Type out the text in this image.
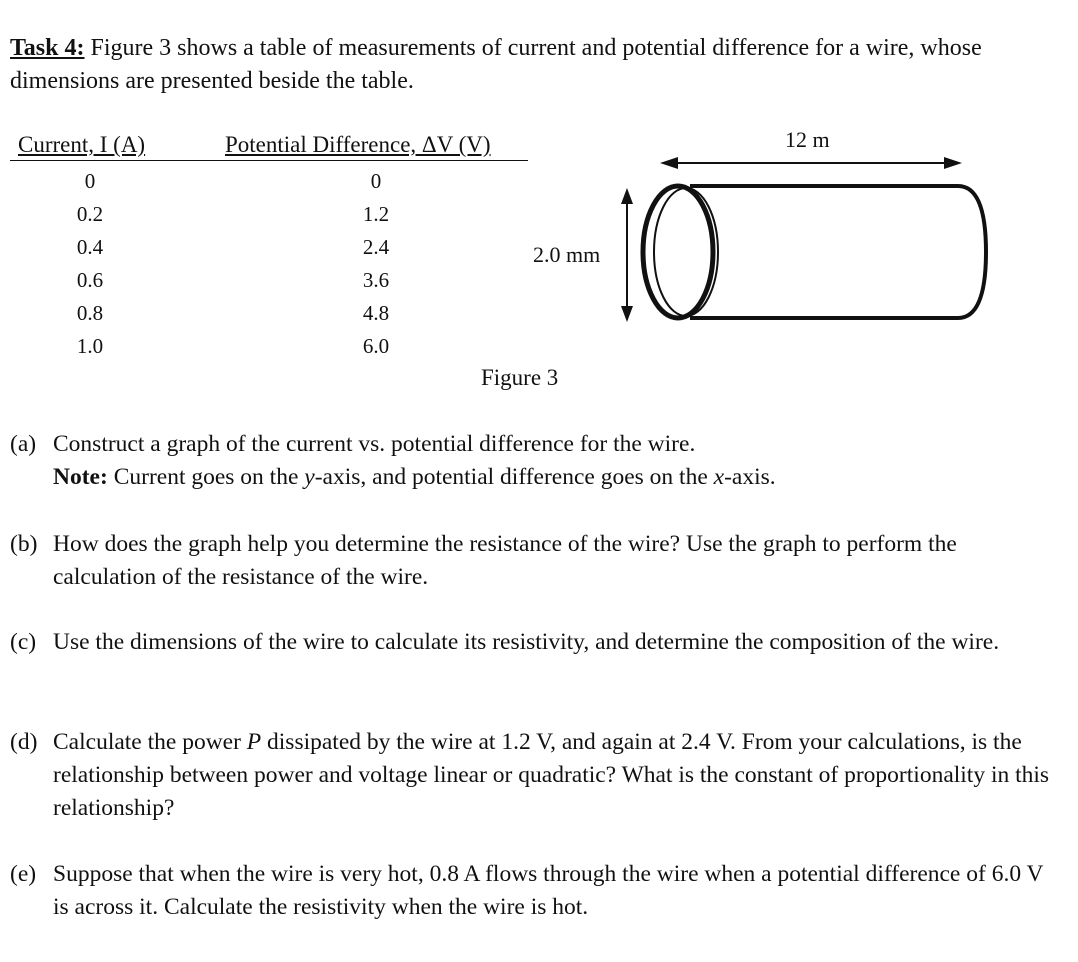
Task 4: Figure 3 shows a table of measurements of current and potential difference for a wire, whose dimensions are presented beside the table.
Current, I (A)	Potential Difference, ΔV (V)
0	0
0.2	1.2
0.4	2.4
0.6	3.6
0.8	4.8
1.0	6.0
12 m
2.0 mm
Figure 3
(a) Construct a graph of the current vs. potential difference for the wire.
Note: Current goes on the y-axis, and potential difference goes on the x-axis.
(b) How does the graph help you determine the resistance of the wire? Use the graph to perform the calculation of the resistance of the wire.
(c) Use the dimensions of the wire to calculate its resistivity, and determine the composition of the wire.
(d) Calculate the power P dissipated by the wire at 1.2 V, and again at 2.4 V. From your calculations, is the relationship between power and voltage linear or quadratic? What is the constant of proportionality in this relationship?
(e) Suppose that when the wire is very hot, 0.8 A flows through the wire when a potential difference of 6.0 V is across it. Calculate the resistivity when the wire is hot.
